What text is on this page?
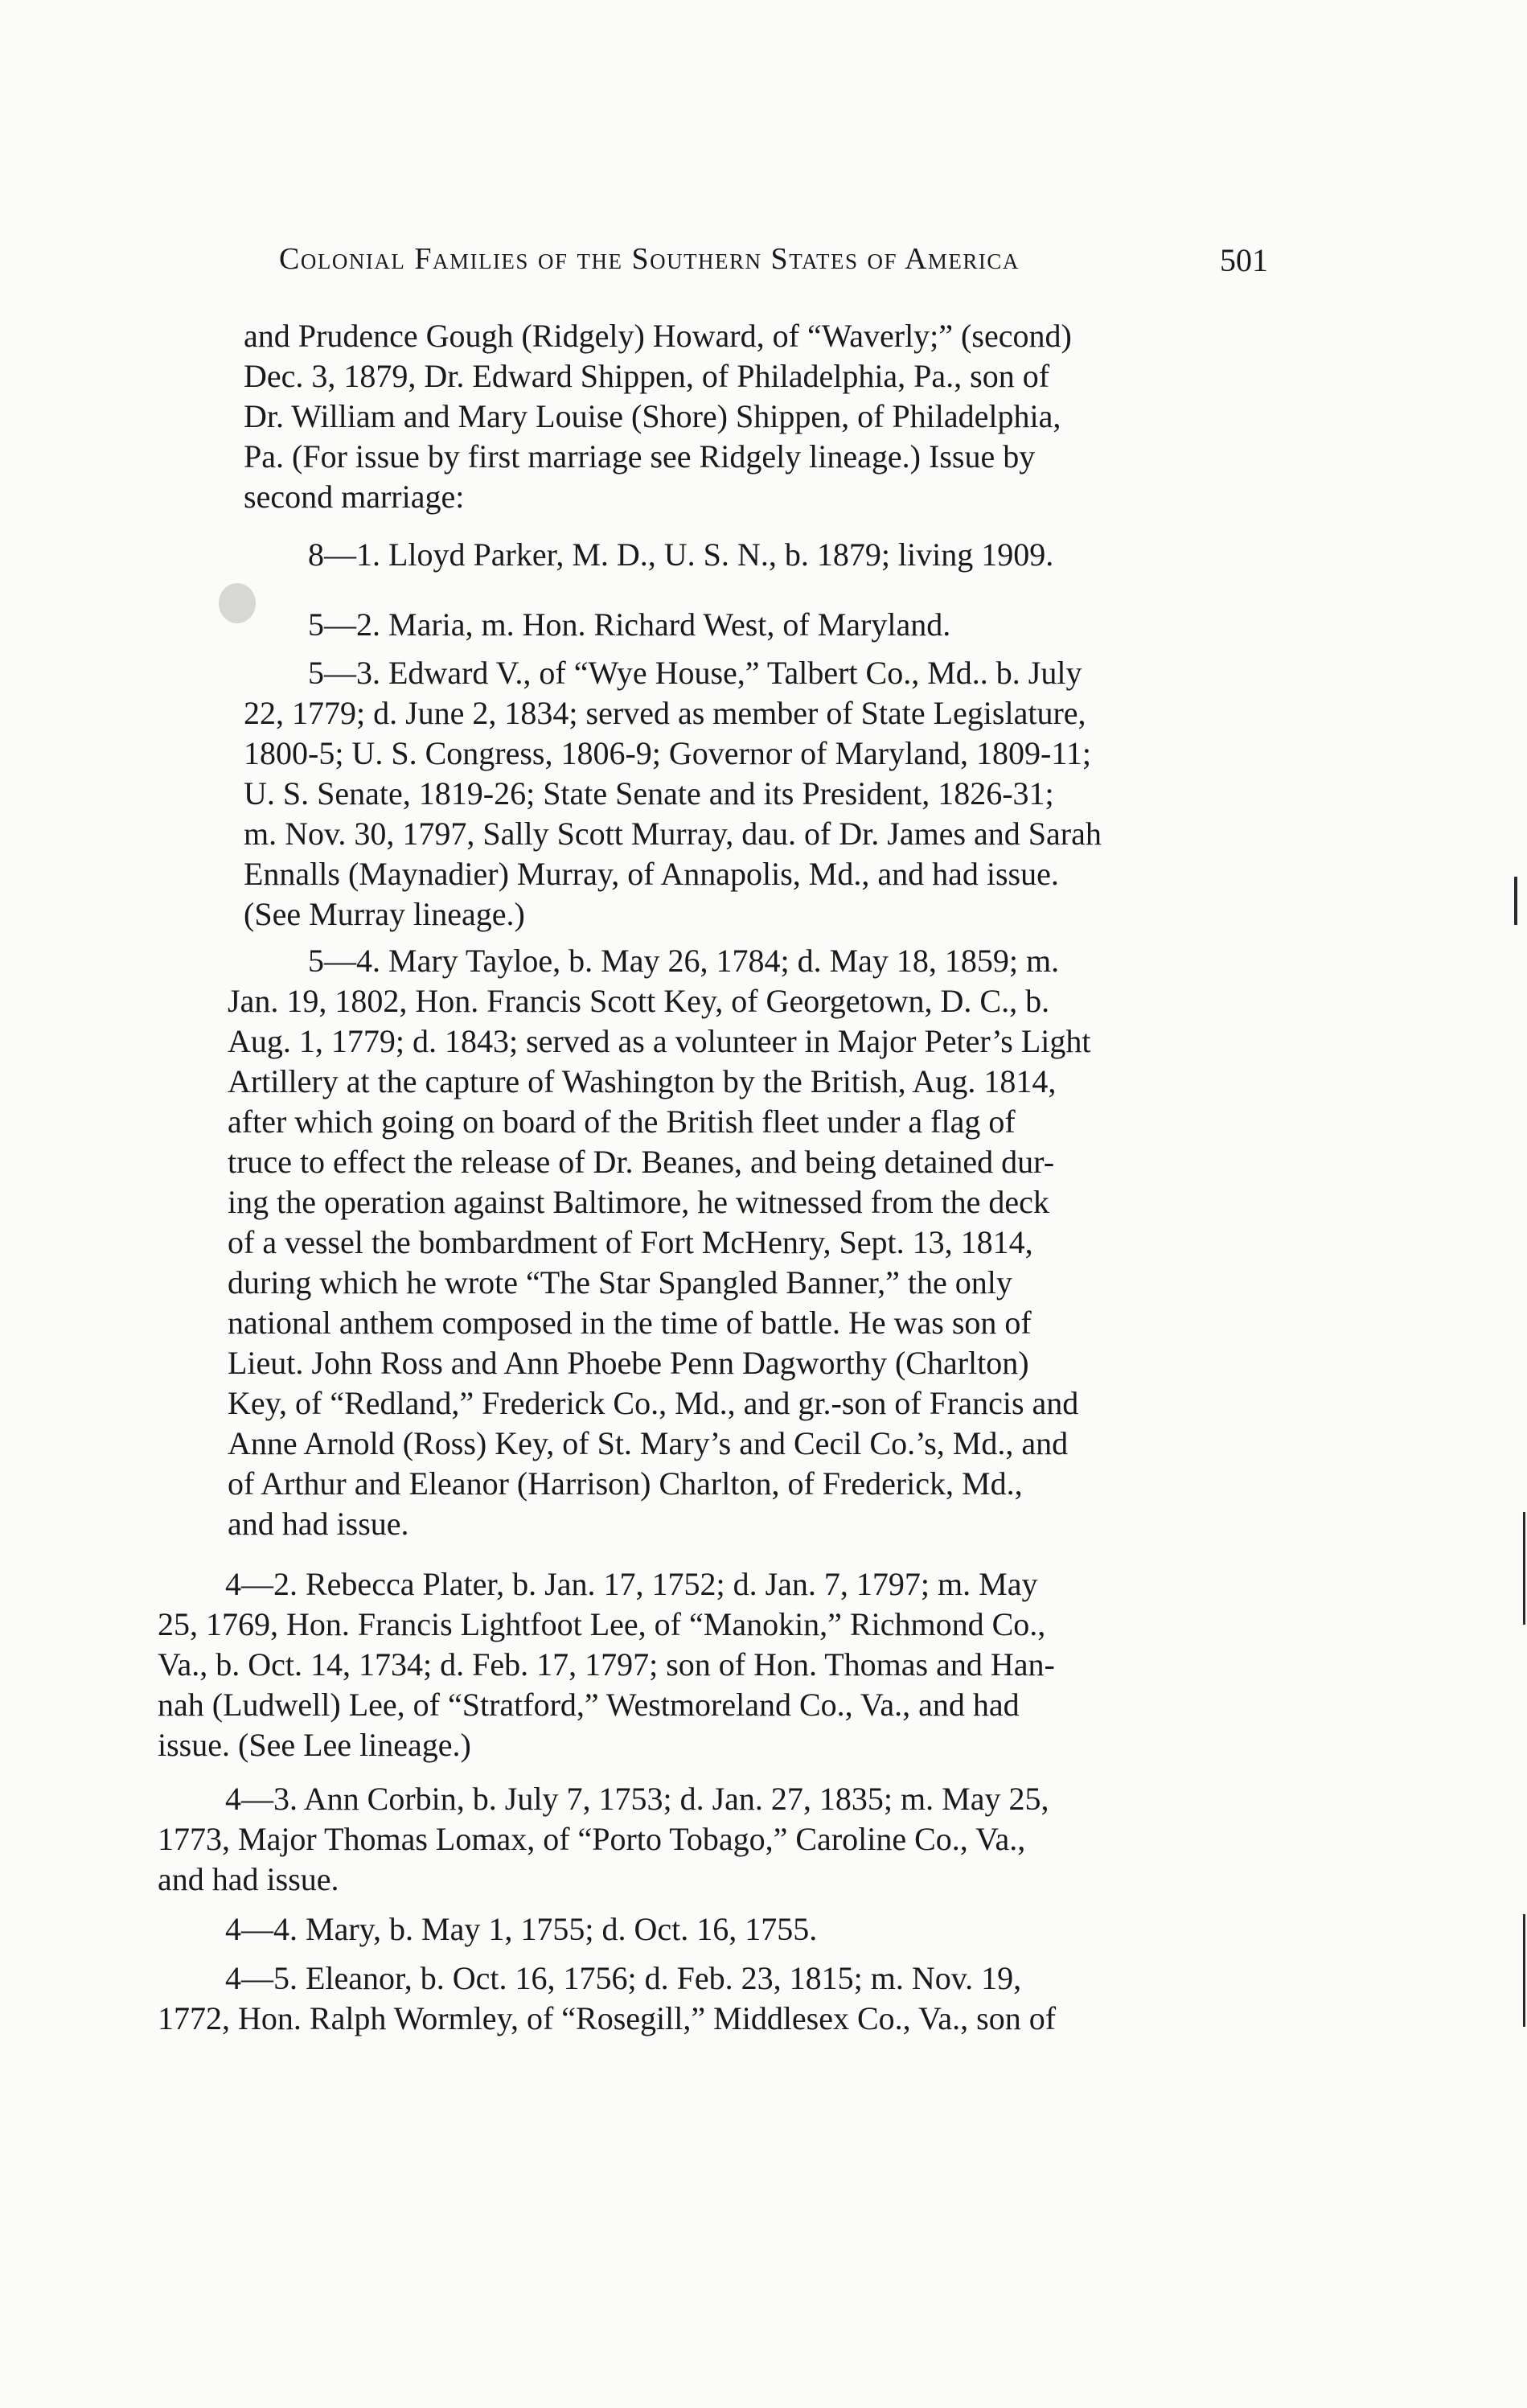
Colonial Families of the Southern States of America	501
and Prudence Gough (Ridgely) Howard, of “Waverly;” (second)
Dec. 3, 1879, Dr. Edward Shippen, of Philadelphia, Pa., son of
Dr. William and Mary Louise (Shore) Shippen, of Philadelphia,
Pa. (For issue by first marriage see Ridgely lineage.) Issue by
second marriage:
8—1. Lloyd Parker, M. D., U. S. N., b. 1879; living 1909.
5—2. Maria, m. Hon. Richard West, of Maryland.
5—3. Edward V., of “Wye House,” Talbert Co., Md.. b. July
22, 1779; d. June 2, 1834; served as member of State Legislature,
1800-5; U. S. Congress, 1806-9; Governor of Maryland, 1809-11;
U. S. Senate, 1819-26; State Senate and its President, 1826-31;
m. Nov. 30, 1797, Sally Scott Murray, dau. of Dr. James and Sarah
Ennalls (Maynadier) Murray, of Annapolis, Md., and had issue.
(See Murray lineage.)
5—4. Mary Tayloe, b. May 26, 1784; d. May 18, 1859; m.
Jan. 19, 1802, Hon. Francis Scott Key, of Georgetown, D. C., b.
Aug. 1, 1779; d. 1843; served as a volunteer in Major Peter’s Light
Artillery at the capture of Washington by the British, Aug. 1814,
after which going on board of the British fleet under a flag of
truce to effect the release of Dr. Beanes, and being detained dur-
ing the operation against Baltimore, he witnessed from the deck
of a vessel the bombardment of Fort McHenry, Sept. 13, 1814,
during which he wrote “The Star Spangled Banner,” the only
national anthem composed in the time of battle. He was son of
Lieut. John Ross and Ann Phoebe Penn Dagworthy (Charlton)
Key, of “Redland,” Frederick Co., Md., and gr.-son of Francis and
Anne Arnold (Ross) Key, of St. Mary’s and Cecil Co.’s, Md., and
of Arthur and Eleanor (Harrison) Charlton, of Frederick, Md.,
and had issue.
4—2. Rebecca Plater, b. Jan. 17, 1752; d. Jan. 7, 1797; m. May
25, 1769, Hon. Francis Lightfoot Lee, of “Manokin,” Richmond Co.,
Va., b. Oct. 14, 1734; d. Feb. 17, 1797; son of Hon. Thomas and Han-
nah (Ludwell) Lee, of “Stratford,” Westmoreland Co., Va., and had
issue. (See Lee lineage.)
4—3. Ann Corbin, b. July 7, 1753; d. Jan. 27, 1835; m. May 25,
1773, Major Thomas Lomax, of “Porto Tobago,” Caroline Co., Va.,
and had issue.
4—4. Mary, b. May 1, 1755; d. Oct. 16, 1755.
4—5. Eleanor, b. Oct. 16, 1756; d. Feb. 23, 1815; m. Nov. 19,
1772, Hon. Ralph Wormley, of “Rosegill,” Middlesex Co., Va., son of
